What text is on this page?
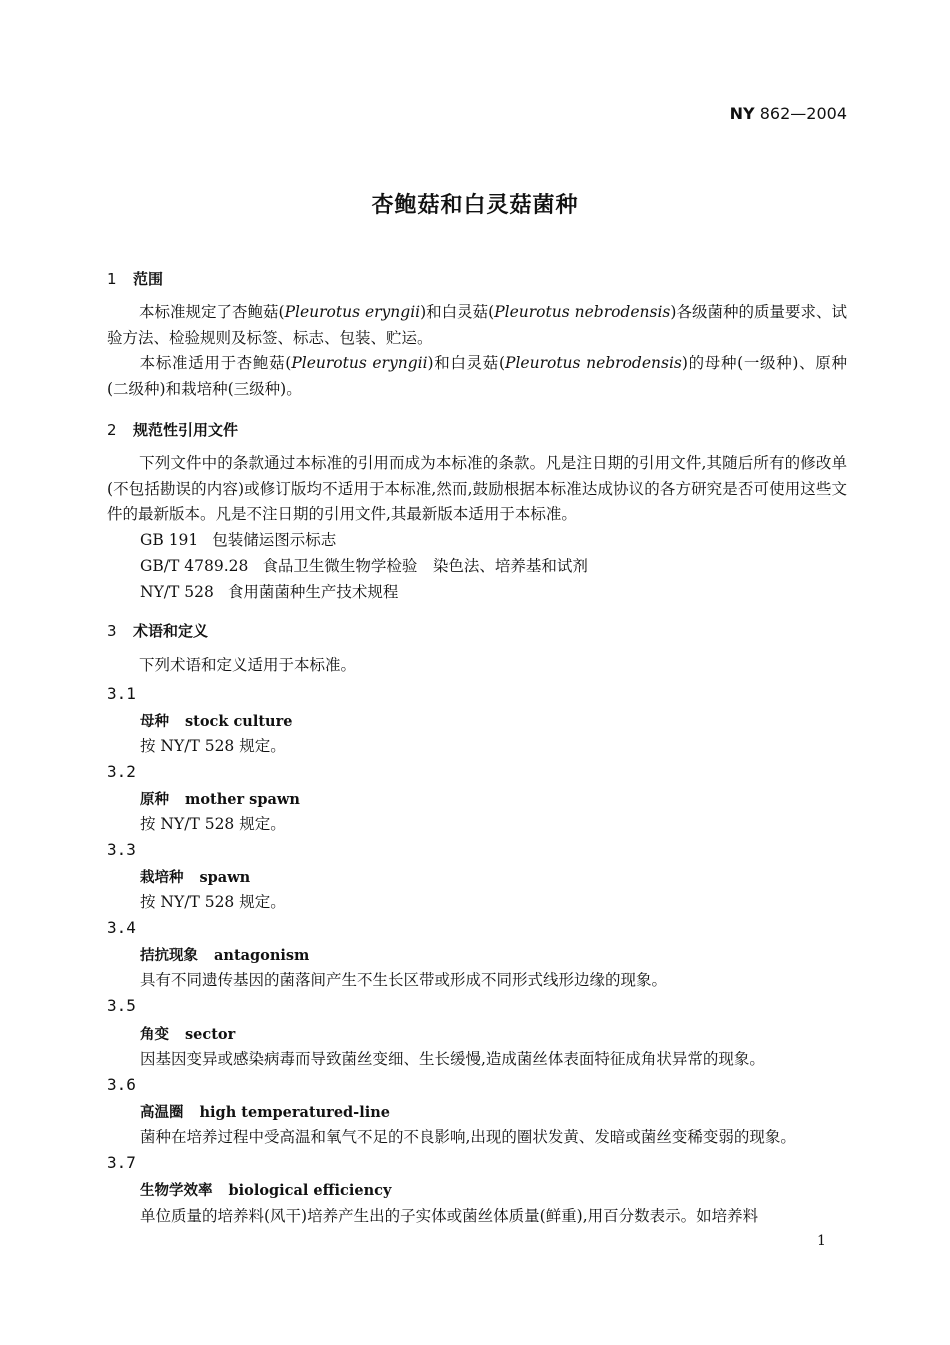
NY 862—2004
杏鲍菇和白灵菇菌种
1 范围
本标准规定了杏鲍菇(Pleurotus eryngii)和白灵菇(Pleurotus nebrodensis)各级菌种的质量要求、试验方法、检验规则及标签、标志、包装、贮运。
本标准适用于杏鲍菇(Pleurotus eryngii)和白灵菇(Pleurotus nebrodensis)的母种(一级种)、原种(二级种)和栽培种(三级种)。
2 规范性引用文件
下列文件中的条款通过本标准的引用而成为本标准的条款。凡是注日期的引用文件,其随后所有的修改单(不包括勘误的内容)或修订版均不适用于本标准,然而,鼓励根据本标准达成协议的各方研究是否可使用这些文件的最新版本。凡是不注日期的引用文件,其最新版本适用于本标准。
GB 191 包装储运图示标志
GB/T 4789.28 食品卫生微生物学检验　染色法、培养基和试剂
NY/T 528 食用菌菌种生产技术规程
3 术语和定义
下列术语和定义适用于本标准。
3.1
母种 stock culture
按 NY/T 528 规定。
3.2
原种 mother spawn
按 NY/T 528 规定。
3.3
栽培种 spawn
按 NY/T 528 规定。
3.4
拮抗现象 antagonism
具有不同遗传基因的菌落间产生不生长区带或形成不同形式线形边缘的现象。
3.5
角变 sector
因基因变异或感染病毒而导致菌丝变细、生长缓慢,造成菌丝体表面特征成角状异常的现象。
3.6
高温圈 high temperatured-line
菌种在培养过程中受高温和氧气不足的不良影响,出现的圈状发黄、发暗或菌丝变稀变弱的现象。
3.7
生物学效率 biological efficiency
单位质量的培养料(风干)培养产生出的子实体或菌丝体质量(鲜重),用百分数表示。如培养料
1
